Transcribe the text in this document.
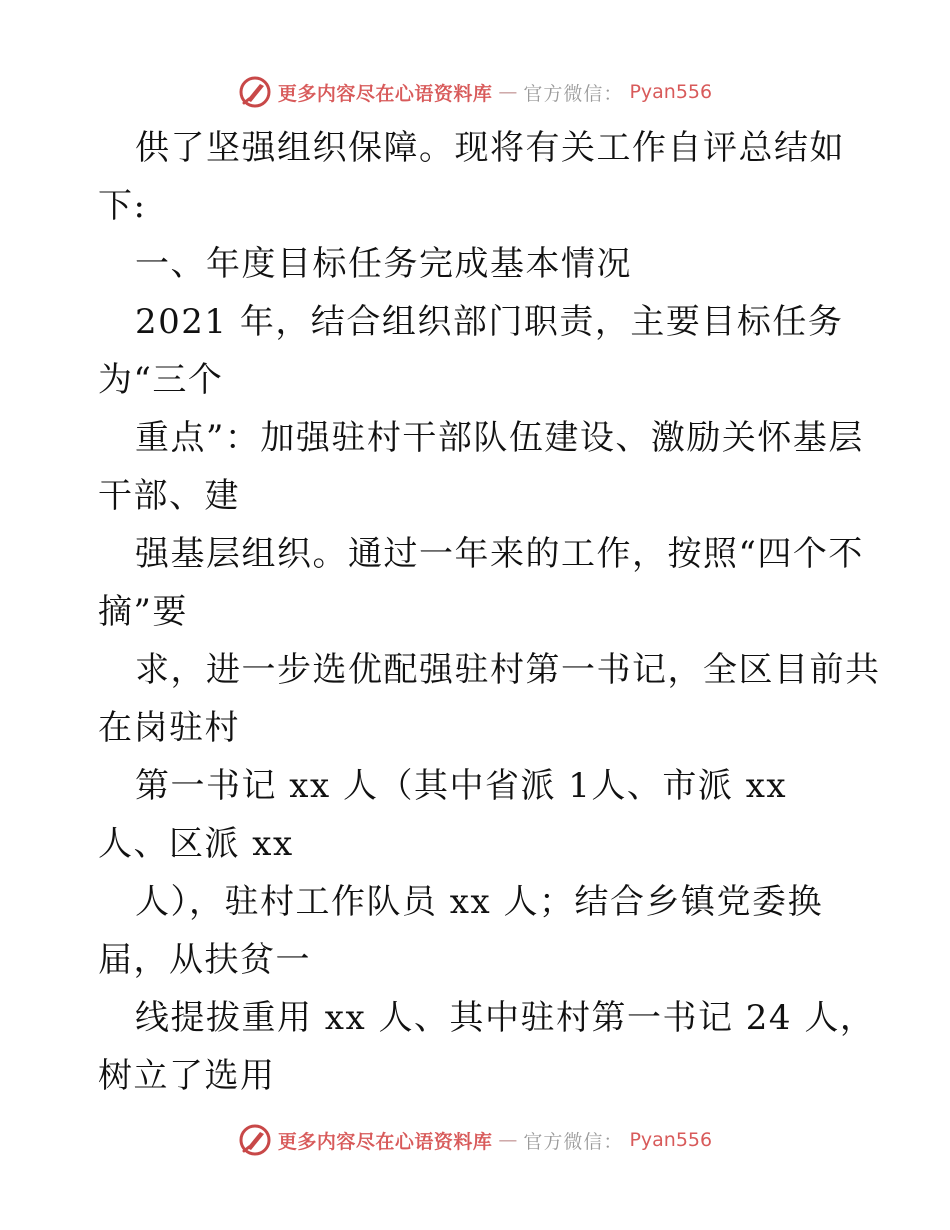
更多内容尽在心语资料库 — 官方微信： Pyan556
供了坚强组织保障。现将有关工作自评总结如
下:
一、年度目标任务完成基本情况
2021 年，结合组织部门职责，主要目标任务
为“三个
重点”：加强驻村干部队伍建设、激励关怀基层
干部、建
强基层组织。通过一年来的工作，按照“四个不
摘”要
求，进一步选优配强驻村第一书记，全区目前共
在岗驻村
第一书记 xx 人（其中省派 1人、市派 xx
人、区派 xx
人），驻村工作队员 xx 人；结合乡镇党委换
届，从扶贫一
线提拔重用 xx 人、其中驻村第一书记 24 人，
树立了选用
更多内容尽在心语资料库 — 官方微信： Pyan556
